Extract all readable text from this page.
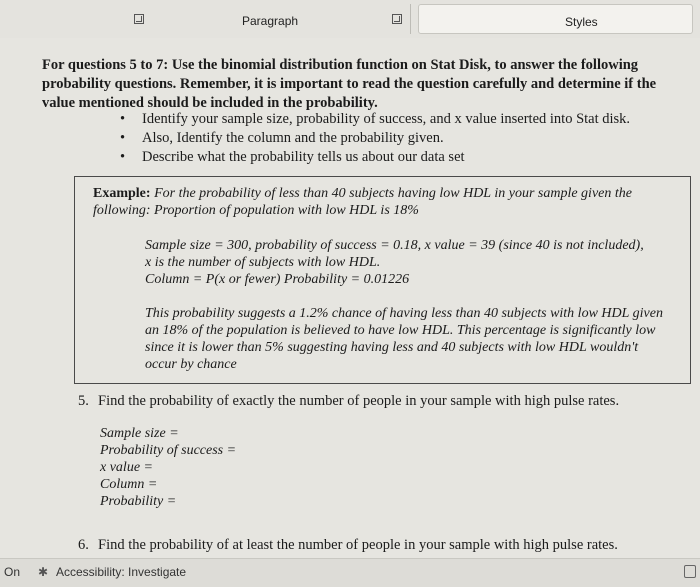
Paragraph	Styles
For questions 5 to 7: Use the binomial distribution function on Stat Disk, to answer the following probability questions. Remember, it is important to read the question carefully and determine if the value mentioned should be included in the probability.
• Identify your sample size, probability of success, and x value inserted into Stat disk.
• Also, Identify the column and the probability given.
• Describe what the probability tells us about our data set
Example: For the probability of less than 40 subjects having low HDL in your sample given the following: Proportion of population with low HDL is 18%
Sample size = 300, probability of success = 0.18, x value = 39 (since 40 is not included),
x is the number of subjects with low HDL.
Column = P(x or fewer) Probability = 0.01226
This probability suggests a 1.2% chance of having less than 40 subjects with low HDL given an 18% of the population is believed to have low HDL. This percentage is significantly low since it is lower than 5% suggesting having less and 40 subjects with low HDL wouldn't occur by chance
5. Find the probability of exactly the number of people in your sample with high pulse rates.
Sample size =
Probability of success =
x value =
Column =
Probability =
6. Find the probability of at least the number of people in your sample with high pulse rates.
On ✱ Accessibility: Investigate
